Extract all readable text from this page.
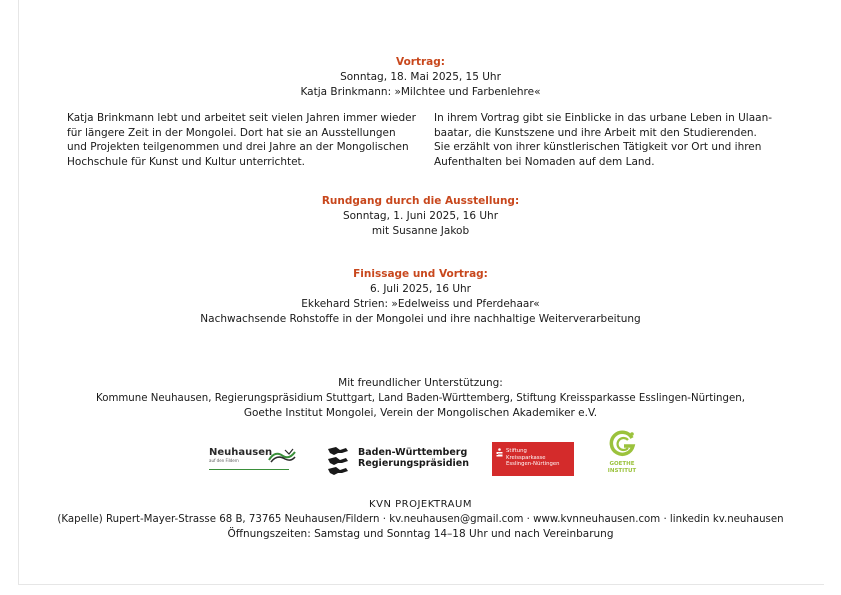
Vortrag:
Sonntag, 18. Mai 2025, 15 Uhr
Katja Brinkmann: »Milchtee und Farbenlehre«
Katja Brinkmann lebt und arbeitet seit vielen Jahren immer wieder
für längere Zeit in der Mongolei. Dort hat sie an Ausstellungen
und Projekten teilgenommen und drei Jahre an der Mongolischen
Hochschule für Kunst und Kultur unterrichtet.
In ihrem Vortrag gibt sie Einblicke in das urbane Leben in Ulaan-
baatar, die Kunstszene und ihre Arbeit mit den Studierenden.
Sie erzählt von ihrer künstlerischen Tätigkeit vor Ort und ihren
Aufenthalten bei Nomaden auf dem Land.
Rundgang durch die Ausstellung:
Sonntag, 1. Juni 2025, 16 Uhr
mit Susanne Jakob
Finissage und Vortrag:
6. Juli 2025, 16 Uhr
Ekkehard Strien: »Edelweiss und Pferdehaar«
Nachwachsende Rohstoffe in der Mongolei und ihre nachhaltige Weiterverarbeitung
Mit freundlicher Unterstützung:
Kommune Neuhausen, Regierungspräsidium Stuttgart, Land Baden-Württemberg, Stiftung Kreissparkasse Esslingen-Nürtingen,
Goethe Institut Mongolei, Verein der Mongolischen Akademiker e.V.
Neuhausen
auf den Fildern
Baden-Württemberg
Regierungspräsidien
Stiftung
Kreissparkasse
Esslingen-Nürtingen	GOETHE
INSTITUT
KVN PROJEKTRAUM
(Kapelle) Rupert-Mayer-Strasse 68 B, 73765 Neuhausen/Fildern · kv.neuhausen@gmail.com · www.kvnneuhausen.com · linkedin kv.neuhausen
Öffnungszeiten: Samstag und Sonntag 14–18 Uhr und nach Vereinbarung
